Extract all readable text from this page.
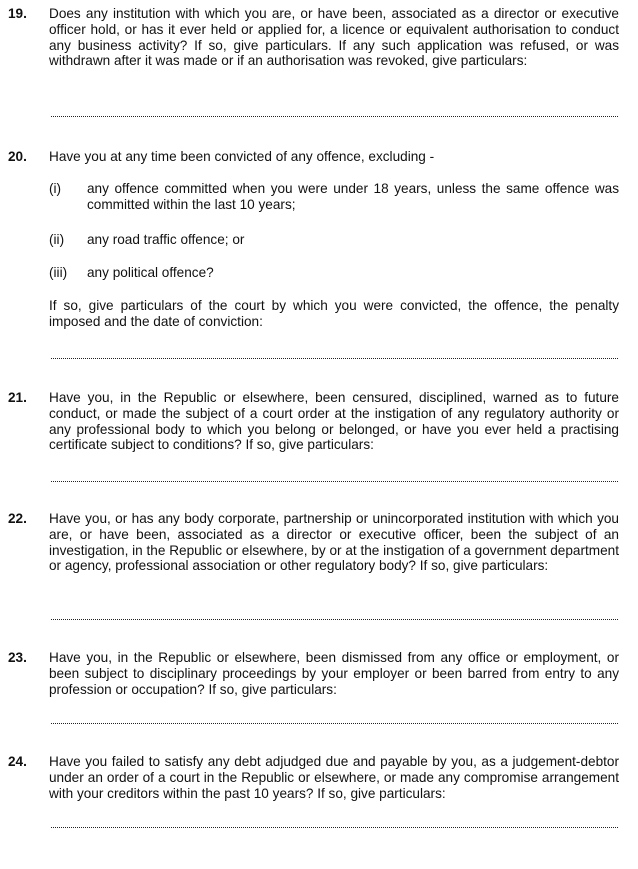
19. Does any institution with which you are, or have been, associated as a director or executive officer hold, or has it ever held or applied for, a licence or equivalent authorisation to conduct any business activity? If so, give particulars. If any such application was refused, or was withdrawn after it was made or if an authorisation was revoked, give particulars:
20. Have you at any time been convicted of any offence, excluding -
(i) any offence committed when you were under 18 years, unless the same offence was committed within the last 10 years;
(ii) any road traffic offence; or
(iii) any political offence?
If so, give particulars of the court by which you were convicted, the offence, the penalty imposed and the date of conviction:
21. Have you, in the Republic or elsewhere, been censured, disciplined, warned as to future conduct, or made the subject of a court order at the instigation of any regulatory authority or any professional body to which you belong or belonged, or have you ever held a practising certificate subject to conditions? If so, give particulars:
22. Have you, or has any body corporate, partnership or unincorporated institution with which you are, or have been, associated as a director or executive officer, been the subject of an investigation, in the Republic or elsewhere, by or at the instigation of a government department or agency, professional association or other regulatory body? If so, give particulars:
23. Have you, in the Republic or elsewhere, been dismissed from any office or employment, or been subject to disciplinary proceedings by your employer or been barred from entry to any profession or occupation? If so, give particulars:
24. Have you failed to satisfy any debt adjudged due and payable by you, as a judgement-debtor under an order of a court in the Republic or elsewhere, or made any compromise arrangement with your creditors within the past 10 years? If so, give particulars:
